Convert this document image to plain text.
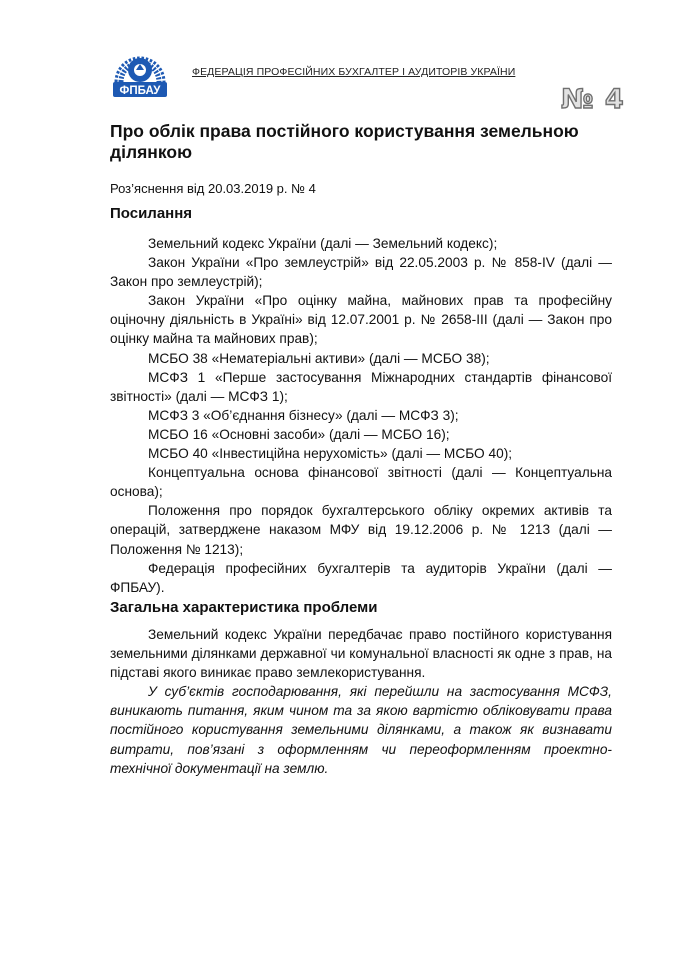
ФПБАУ
ФЕДЕРАЦІЯ ПРОФЕСІЙНИХ БУХГАЛТЕР І АУДИТОРІВ УКРАЇНИ
№ 4
Про облік права постійного користування земельною ділянкою
Роз’яснення від 20.03.2019 р. № 4
Посилання
Земельний кодекс України (далі — Земельний кодекс);
Закон України «Про землеустрій» від 22.05.2003 р. № 858-IV (далі — Закон про землеустрій);
Закон України «Про оцінку майна, майнових прав та професійну оціночну діяльність в Україні» від 12.07.2001 р. № 2658-III (далі — Закон про оцінку майна та майнових прав);
МСБО 38 «Нематеріальні активи» (далі — МСБО 38);
МСФЗ 1 «Перше застосування Міжнародних стандартів фінансової звітності» (далі — МСФЗ 1);
МСФЗ 3 «Об’єднання бізнесу» (далі — МСФЗ 3);
МСБО 16 «Основні засоби» (далі — МСБО 16);
МСБО 40 «Інвестиційна нерухомість» (далі — МСБО 40);
Концептуальна основа фінансової звітності (далі — Концептуальна основа);
Положення про порядок бухгалтерського обліку окремих активів та операцій, затверджене наказом МФУ від 19.12.2006 р. № 1213 (далі — Положення № 1213);
Федерація професійних бухгалтерів та аудиторів України (далі — ФПБАУ).
Загальна характеристика проблеми

Земельний кодекс України передбачає право постійного користування земельними ділянками державної чи комунальної власності як одне з прав, на підставі якого виникає право землекористування.

У суб’єктів господарювання, які перейшли на застосування МСФЗ, виникають питання, яким чином та за якою вартістю обліковувати права постійного користування земельними ділянками, а також як визнавати витрати, пов’язані з оформленням чи переоформленням проектно-технічної документації на землю.
